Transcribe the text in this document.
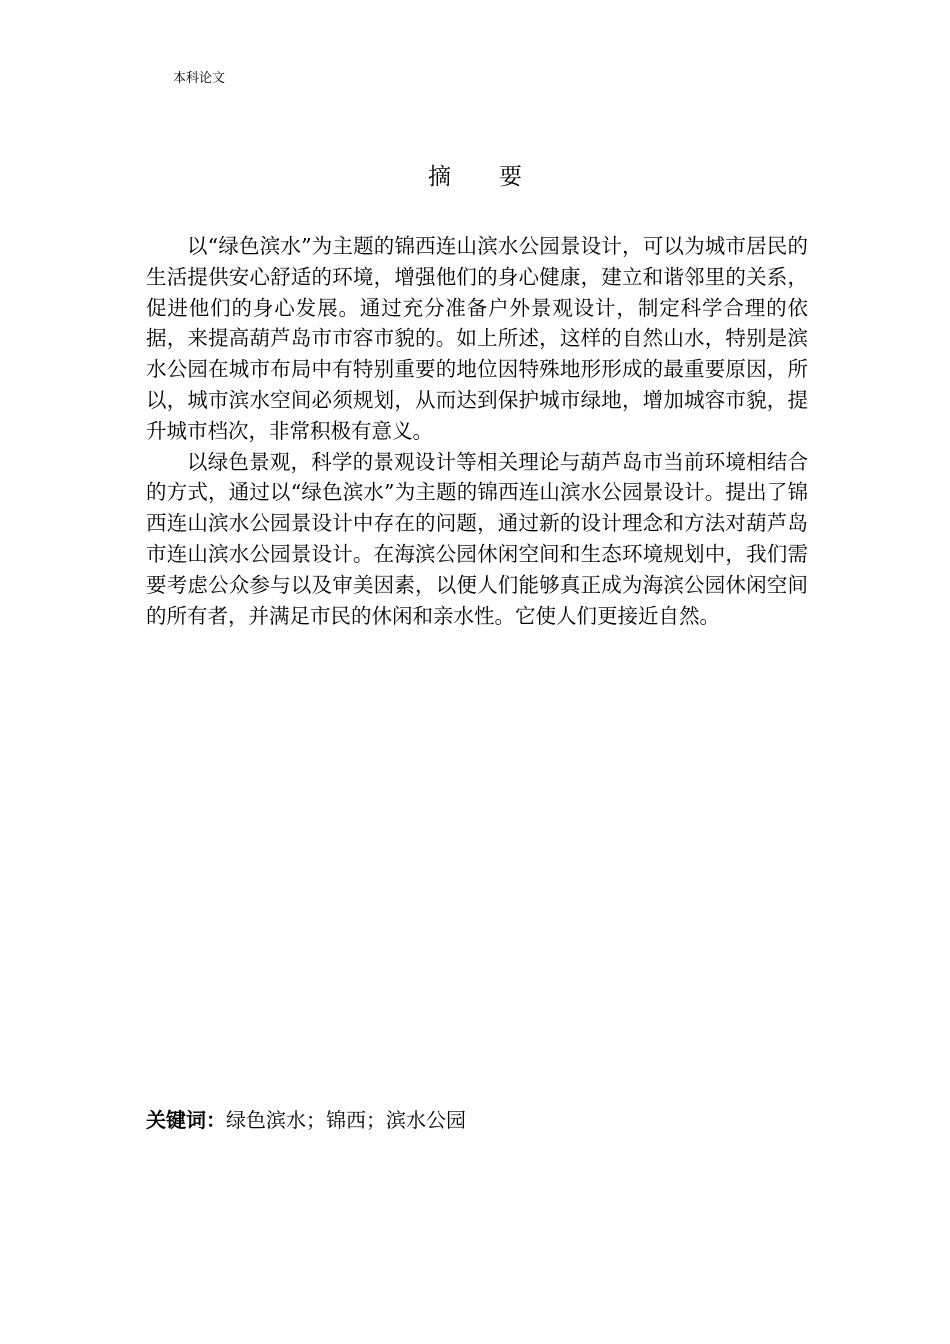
本科论文
摘 要

以“绿色滨水”为主题的锦西连山滨水公园景设计，可以为城市居民的生活提供安心舒适的环境，增强他们的身心健康，建立和谐邻里的关系，促进他们的身心发展。通过充分准备户外景观设计，制定科学合理的依据，来提高葫芦岛市市容市貌的。如上所述，这样的自然山水，特别是滨水公园在城市布局中有特别重要的地位因特殊地形形成的最重要原因，所以，城市滨水空间必须规划，从而达到保护城市绿地，增加城容市貌，提升城市档次，非常积极有意义。

以绿色景观，科学的景观设计等相关理论与葫芦岛市当前环境相结合的方式，通过以“绿色滨水”为主题的锦西连山滨水公园景设计。提出了锦西连山滨水公园景设计中存在的问题，通过新的设计理念和方法对葫芦岛市连山滨水公园景设计。在海滨公园休闲空间和生态环境规划中，我们需要考虑公众参与以及审美因素，以便人们能够真正成为海滨公园休闲空间的所有者，并满足市民的休闲和亲水性。它使人们更接近自然。

关键词：绿色滨水；锦西；滨水公园
